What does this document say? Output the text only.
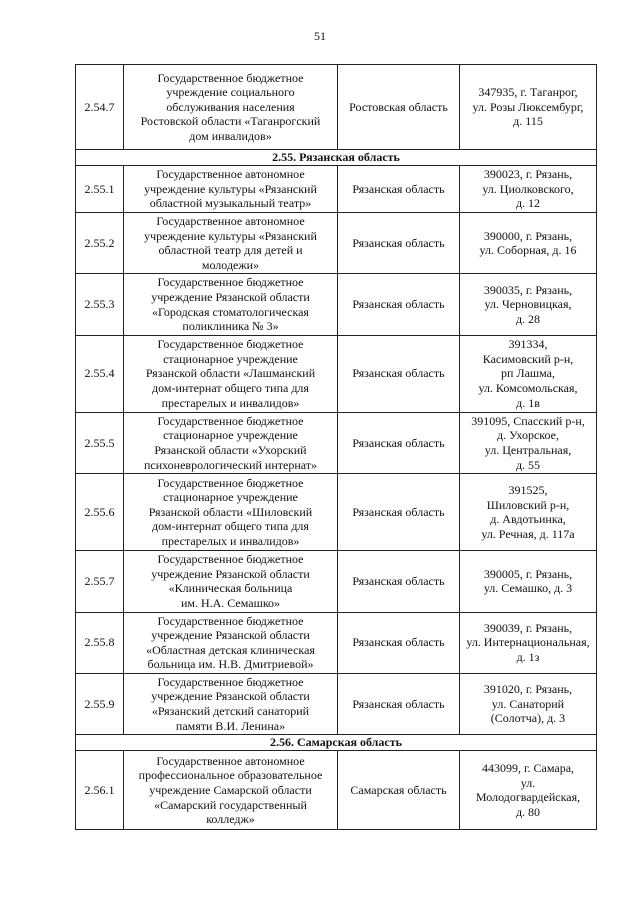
51
2.54.7	Государственное бюджетное
учреждение социального
обслуживания населения
Ростовской области «Таганрогский
дом инвалидов»	Ростовская область	347935, г. Таганрог,
ул. Розы Люксембург,
д. 115
2.55. Рязанская область			
2.55.1	Государственное автономное
учреждение культуры «Рязанский
областной музыкальный театр»	Рязанская область	390023, г. Рязань,
ул. Циолковского,
д. 12
2.55.2	Государственное автономное
учреждение культуры «Рязанский
областной театр для детей и
молодежи»	Рязанская область	390000, г. Рязань,
ул. Соборная, д. 16
2.55.3	Государственное бюджетное
учреждение Рязанской области
«Городская стоматологическая
поликлиника № 3»	Рязанская область	390035, г. Рязань,
ул. Черновицкая,
д. 28
2.55.4	Государственное бюджетное
стационарное учреждение
Рязанской области «Лашманский
дом-интернат общего типа для
престарелых и инвалидов»	Рязанская область	391334,
Касимовский р-н,
рп Лашма,
ул. Комсомольская,
д. 1в
2.55.5	Государственное бюджетное
стационарное учреждение
Рязанской области «Ухорский
психоневрологический интернат»	Рязанская область	391095, Спасский р-н,
д. Ухорское,
ул. Центральная,
д. 55
2.55.6	Государственное бюджетное
стационарное учреждение
Рязанской области «Шиловский
дом-интернат общего типа для
престарелых и инвалидов»	Рязанская область	391525,
Шиловский р-н,
д. Авдотьинка,
ул. Речная, д. 117а
2.55.7	Государственное бюджетное
учреждение Рязанской области
«Клиническая больница
им. Н.А. Семашко»	Рязанская область	390005, г. Рязань,
ул. Семашко, д. 3
2.55.8	Государственное бюджетное
учреждение Рязанской области
«Областная детская клиническая
больница им. Н.В. Дмитриевой»	Рязанская область	390039, г. Рязань,
ул. Интернациональная,
д. 1з
2.55.9	Государственное бюджетное
учреждение Рязанской области
«Рязанский детский санаторий
памяти В.И. Ленина»	Рязанская область	391020, г. Рязань,
ул. Санаторий
(Солотча), д. 3
2.56. Самарская область			
2.56.1	Государственное автономное
профессиональное образовательное
учреждение Самарской области
«Самарский государственный
колледж»	Самарская область	443099, г. Самара,
ул.
Молодогвардейская,
д. 80
